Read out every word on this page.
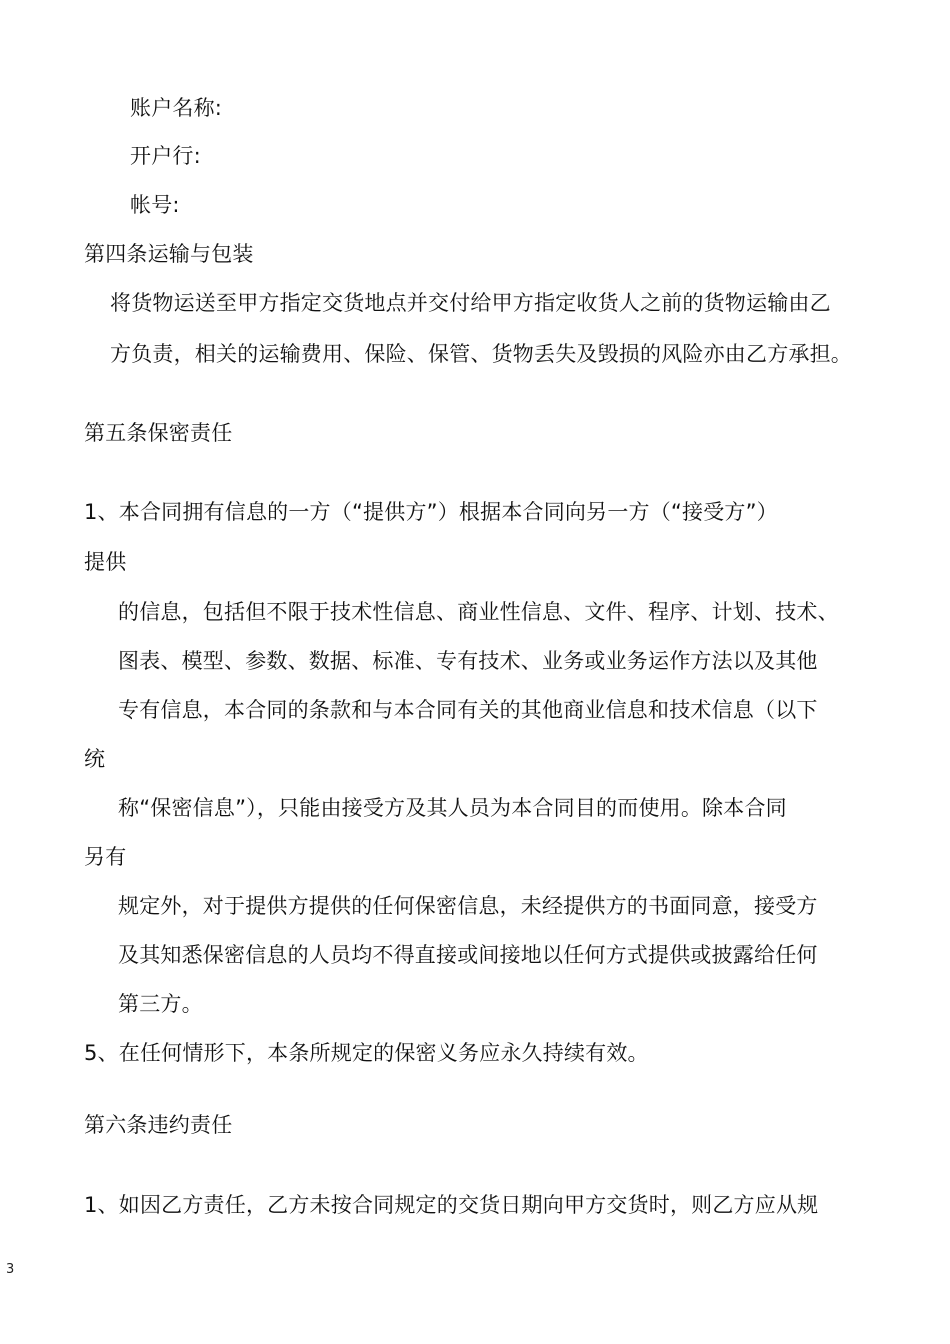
账户名称:
开户行:
帐号:
第四条运输与包装
将货物运送至甲方指定交货地点并交付给甲方指定收货人之前的货物运输由乙
方负责，相关的运输费用、保险、保管、货物丢失及毁损的风险亦由乙方承担。
第五条保密责任
1、本合同拥有信息的一方（“提供方”）根据本合同向另一方（“接受方”）
提供
的信息，包括但不限于技术性信息、商业性信息、文件、程序、计划、技术、
图表、模型、参数、数据、标准、专有技术、业务或业务运作方法以及其他
专有信息，本合同的条款和与本合同有关的其他商业信息和技术信息（以下
统
称“保密信息”），只能由接受方及其人员为本合同目的而使用。除本合同
另有
规定外，对于提供方提供的任何保密信息，未经提供方的书面同意，接受方
及其知悉保密信息的人员均不得直接或间接地以任何方式提供或披露给任何
第三方。
5、在任何情形下，本条所规定的保密义务应永久持续有效。
第六条违约责任
1、如因乙方责任，乙方未按合同规定的交货日期向甲方交货时，则乙方应从规
3
